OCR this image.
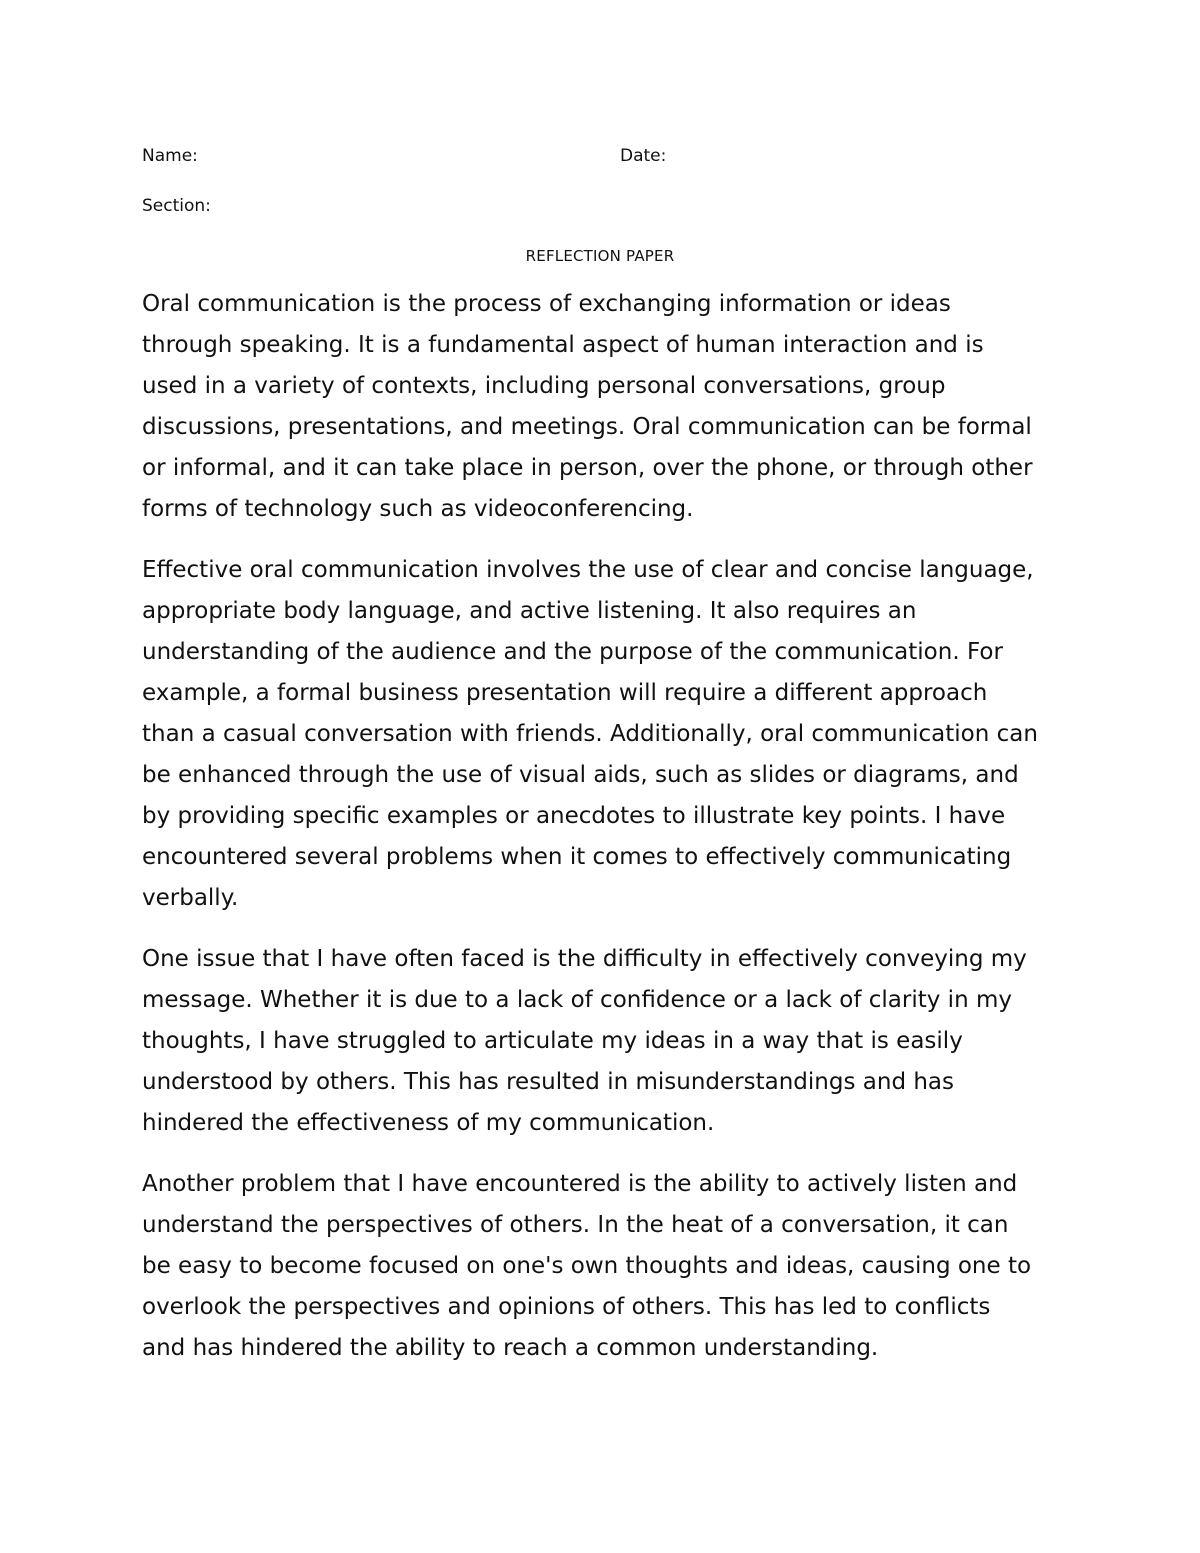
Name:	Date:
Section:
REFLECTION PAPER

Oral communication is the process of exchanging information or ideas
through speaking. It is a fundamental aspect of human interaction and is
used in a variety of contexts, including personal conversations, group
discussions, presentations, and meetings. Oral communication can be formal
or informal, and it can take place in person, over the phone, or through other
forms of technology such as videoconferencing.

Effective oral communication involves the use of clear and concise language,
appropriate body language, and active listening. It also requires an
understanding of the audience and the purpose of the communication. For
example, a formal business presentation will require a different approach
than a casual conversation with friends. Additionally, oral communication can
be enhanced through the use of visual aids, such as slides or diagrams, and
by providing specific examples or anecdotes to illustrate key points. I have
encountered several problems when it comes to effectively communicating
verbally.

One issue that I have often faced is the difficulty in effectively conveying my
message. Whether it is due to a lack of confidence or a lack of clarity in my
thoughts, I have struggled to articulate my ideas in a way that is easily
understood by others. This has resulted in misunderstandings and has
hindered the effectiveness of my communication.

Another problem that I have encountered is the ability to actively listen and
understand the perspectives of others. In the heat of a conversation, it can
be easy to become focused on one's own thoughts and ideas, causing one to
overlook the perspectives and opinions of others. This has led to conflicts
and has hindered the ability to reach a common understanding.
